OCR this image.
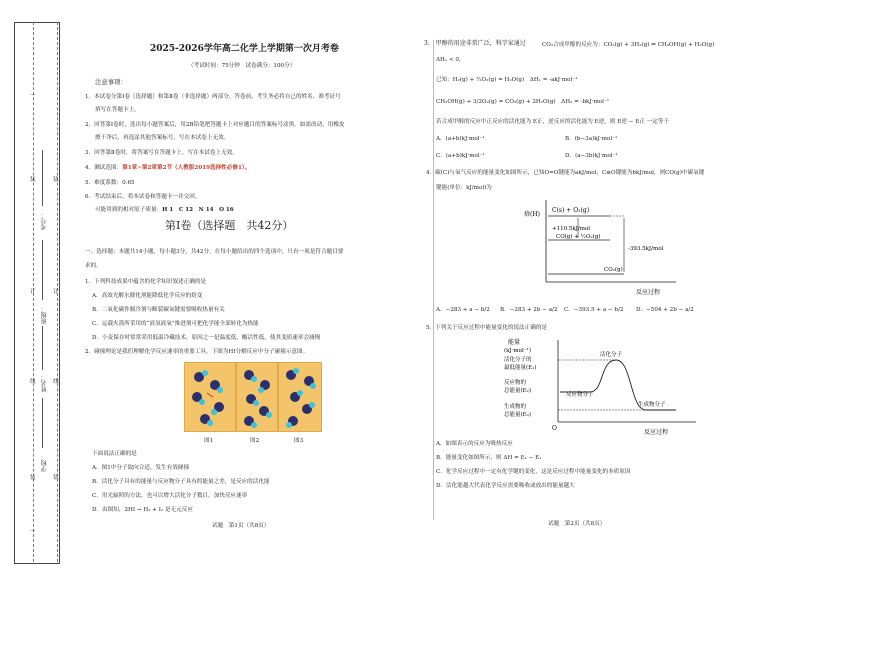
…
装
订
线
装
…
装
订
线
装
考号：
班级：
姓名：
学校：
2025-2026学年高二化学上学期第一次月考卷
（考试时间：75分钟　试卷满分：100分）
注意事项：
1．本试卷分第Ⅰ卷（选择题）和第Ⅱ卷（非选择题）两部分。答卷前，考生务必将自己的姓名、准考证号
填写在答题卡上。
2．回答第Ⅰ卷时，选出每小题答案后，用2B铅笔把答题卡上对应题目的答案标号涂黑。如需改动，用橡皮
擦干净后，再选涂其他答案标号。写在本试卷上无效。
3．回答第Ⅱ卷时，将答案写在答题卡上。写在本试卷上无效。
4．测试范围：第1章~第2章第2节（人教版2019选择性必修1）。
5．难度系数：0.65
6．考试结束后，将本试卷和答题卡一并交回。
可能用到的相对原子质量：H 1　C 12　N 14　O 16
第Ⅰ卷（选择题　共42分）
一、选择题：本题共14小题，每小题3分，共42分。在每小题给出的四个选项中，只有一项是符合题目要
求的。
1．下列科技成果中蕴含的化学知识叙述正确的是
A．高效光解水催化剂能降低化学反应的焓变
B．二氧化碳作制冷剂与断裂碳氧键需要吸收热量有关
C．运载火箭所采用的“液氢液氧”推进剂可把化学能全部转化为热能
D．小麦保存时常常采用低温冷藏技术，原因之一是温度低，酶活性低，使其变质速率会减慢
2．碰撞理论是我们理解化学反应速率的重要工具，下图为HI分解反应中分子碰撞示意图。
图1	图2	图3
下面说法正确的是
A．图1中分子取向合适，发生有效碰撞
B．活化分子具有的能量与反应物分子具有的能量之差，是反应的活化能
C．用光辐照的方法，也可以增大活化分子数目，加快反应速率
D．由图知，2HI → H₂ + I₂ 是无元反应
试题　第1页（共8页）
3.　甲醇的用途非常广泛，科学家通过	CO₂合成甲醇的反应为：CO₂(g) + 3H₂(g) ⇌ CH₃OH(g) + H₂O(g)
ΔH₁ < 0，
已知：H₂(g) + ½O₂(g) = H₂O(g)　ΔH₁ = -akJ·mol⁻¹
CH₃OH(g) + 3/2O₂(g) = CO₂(g) + 2H₂O(g)　ΔH₂ = -bkJ·mol⁻¹
若合成甲醇的反应中正反应的活化能为 E正，逆反应的活化能为 E逆，则 E逆 − E正 一定等于
A．(a+b)kJ·mol⁻¹	B．(b−3a)kJ·mol⁻¹
C．(a+b)kJ·mol⁻¹	D．(a−3b)kJ·mol⁻¹
4．碳(C)与氧气反应的能量变化如图所示，已知O=O键能为akJ/mol，C≡O键能为bkJ/mol，则CO(g)中碳氧键
键能(单位：kJ/mol)为
焓(H)
C(s) + O₂(g)
+110.5kJ/mol
CO(g) + ½O₂(g)
-393.5kJ/mol
CO₂(g)
反应过程
A．−283 + a − b/2 B．−283 + 2b − a/2 C．−393.5 + a − b/2 D．−504 + 2b − a/2
5．下列关于反应过程中能量变化的说法正确的是
能量
(kJ·mol⁻¹)
活化分子的
最低能量(E₁)
反应物的
总能量(E₂)
生成物的
总能量(E₃)
活化分子
反应物分子
生成物分子
O
反应过程
A．如图表示的反应为吸热反应
B．能量变化如图所示，则 ΔH = E₁ − E₁
C．化学反应过程中一定有化学键的变化，这是反应过程中能量变化的本质原因
D．活化能越大代表化学反应需要吸收或放出的能量越大
试题　第2页（共8页）
